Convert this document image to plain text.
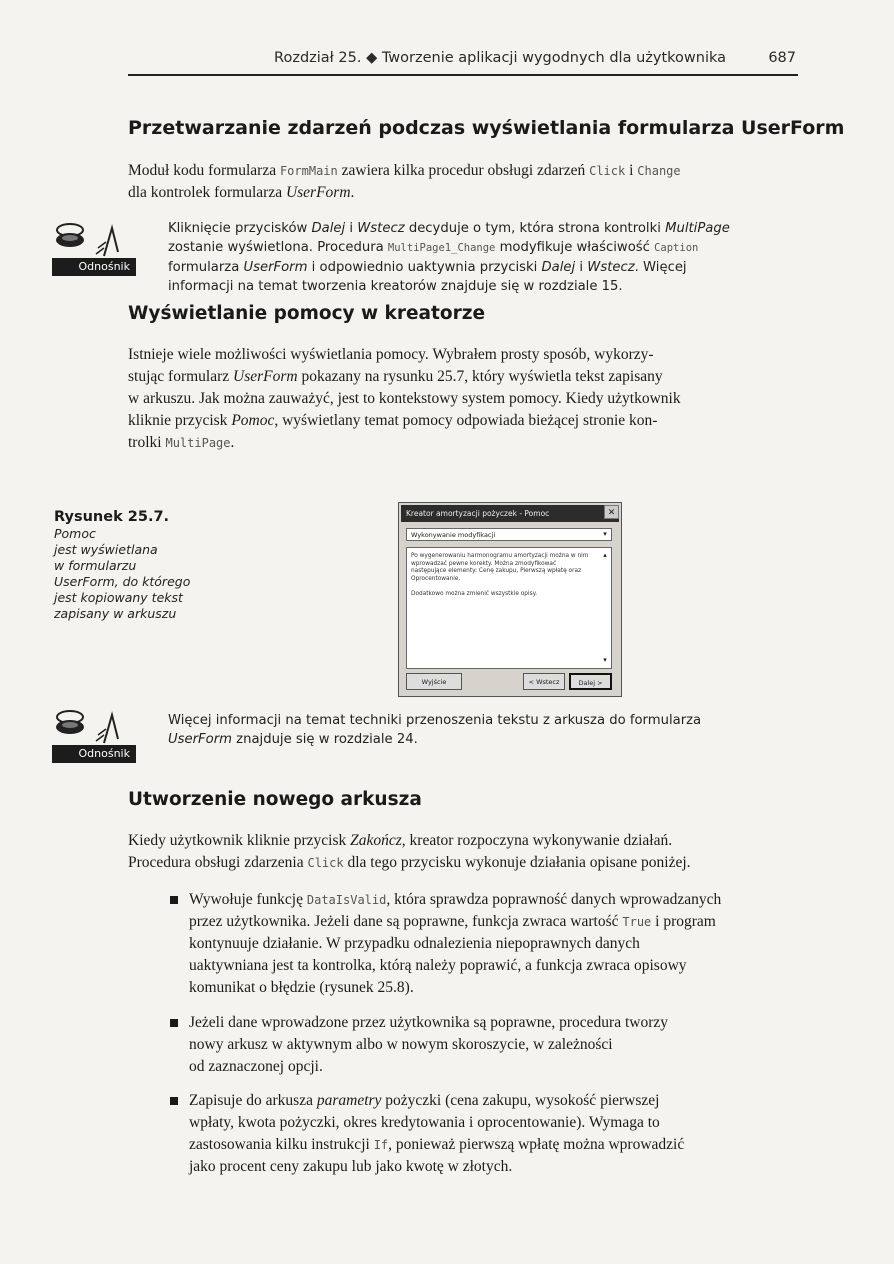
Rozdział 25. ◆ Tworzenie aplikacji wygodnych dla użytkownika	687
Przetwarzanie zdarzeń podczas wyświetlania formularza UserForm

Moduł kodu formularza FormMain zawiera kilka procedur obsługi zdarzeń Click i Change
dla kontrolek formularza UserForm.

Odnośnik

Kliknięcie przycisków Dalej i Wstecz decyduje o tym, która strona kontrolki MultiPage
zostanie wyświetlona. Procedura MultiPage1_Change modyfikuje właściwość Caption
formularza UserForm i odpowiednio uaktywnia przyciski Dalej i Wstecz. Więcej
informacji na temat tworzenia kreatorów znajduje się w rozdziale 15.

Wyświetlanie pomocy w kreatorze

Istnieje wiele możliwości wyświetlania pomocy. Wybrałem prosty sposób, wykorzy-
stując formularz UserForm pokazany na rysunku 25.7, który wyświetla tekst zapisany
w arkuszu. Jak można zauważyć, jest to kontekstowy system pomocy. Kiedy użytkownik
kliknie przycisk Pomoc, wyświetlany temat pomocy odpowiada bieżącej stronie kon-
trolki MultiPage.

Rysunek 25.7.
Pomoc
jest wyświetlana
w formularzu
UserForm, do którego
jest kopiowany tekst
zapisany w arkuszu
Kreator amortyzacji pożyczek - Pomoc	✕
Wykonywanie modyfikacji	▾
Po wygenerowaniu harmonogramu amortyzacji można w nim wprowadzać pewne korekty. Można zmodyfikować następujące elementy: Cenę zakupu, Pierwszą wpłatę oraz Oprocentowanie.
Dodatkowo można zmienić wszystkie opisy.
▴
▾
Wyjście	< Wstecz	Dalej >
Odnośnik

Więcej informacji na temat techniki przenoszenia tekstu z arkusza do formularza
UserForm znajduje się w rozdziale 24.

Utworzenie nowego arkusza

Kiedy użytkownik kliknie przycisk Zakończ, kreator rozpoczyna wykonywanie działań.
Procedura obsługi zdarzenia Click dla tego przycisku wykonuje działania opisane poniżej.

Wywołuje funkcję DataIsValid, która sprawdza poprawność danych wprowadzanych
przez użytkownika. Jeżeli dane są poprawne, funkcja zwraca wartość True i program
kontynuuje działanie. W przypadku odnalezienia niepoprawnych danych
uaktywniana jest ta kontrolka, którą należy poprawić, a funkcja zwraca opisowy
komunikat o błędzie (rysunek 25.8).
Jeżeli dane wprowadzone przez użytkownika są poprawne, procedura tworzy
nowy arkusz w aktywnym albo w nowym skoroszycie, w zależności
od zaznaczonej opcji.
Zapisuje do arkusza parametry pożyczki (cena zakupu, wysokość pierwszej
wpłaty, kwota pożyczki, okres kredytowania i oprocentowanie). Wymaga to
zastosowania kilku instrukcji If, ponieważ pierwszą wpłatę można wprowadzić
jako procent ceny zakupu lub jako kwotę w złotych.
